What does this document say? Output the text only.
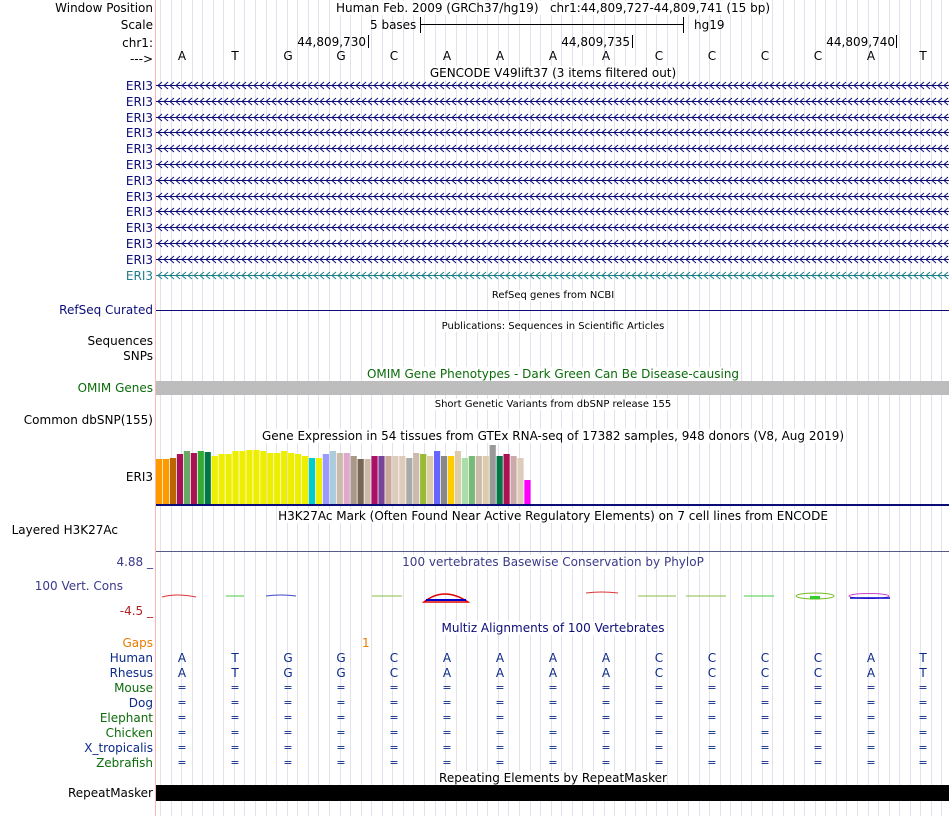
Window Position	Human Feb. 2009 (GRCh37/hg19)   chr1:44,809,727-44,809,741 (15 bp)
Scale	5 bases	hg19
chr1:	44,809,730	44,809,735	44,809,740
--->	A	T	G	G	C	A	A	A	A	C	C	C	C	A	T
GENCODE V49lift37 (3 items filtered out)
ERI3
ERI3
ERI3
ERI3
ERI3
ERI3
ERI3
ERI3
ERI3
ERI3
ERI3
ERI3
ERI3
RefSeq genes from NCBI
RefSeq Curated
Publications: Sequences in Scientific Articles
Sequences
SNPs
OMIM Gene Phenotypes - Dark Green Can Be Disease-causing
OMIM Genes
Short Genetic Variants from dbSNP release 155
Common dbSNP(155)
Gene Expression in 54 tissues from GTEx RNA-seq of 17382 samples, 948 donors (V8, Aug 2019)
ERI3
H3K27Ac Mark (Often Found Near Active Regulatory Elements) on 7 cell lines from ENCODE
Layered H3K27Ac
4.88 _	100 vertebrates Basewise Conservation by PhyloP
100 Vert. Cons
-4.5 _
Multiz Alignments of 100 Vertebrates
Gaps	1
Human	A	T	G	G	C	A	A	A	A	C	C	C	C	A	T
Rhesus	A	T	G	G	C	A	A	A	A	C	C	C	C	A	T
Mouse	=	=	=	=	=	=	=	=	=	=	=	=	=	=	=
Dog	=	=	=	=	=	=	=	=	=	=	=	=	=	=	=
Elephant	=	=	=	=	=	=	=	=	=	=	=	=	=	=	=
Chicken	=	=	=	=	=	=	=	=	=	=	=	=	=	=	=
X_tropicalis	=	=	=	=	=	=	=	=	=	=	=	=	=	=	=
Zebrafish	=	=	=	=	=	=	=	=	=	=	=	=	=	=	=
Repeating Elements by RepeatMasker
RepeatMasker
